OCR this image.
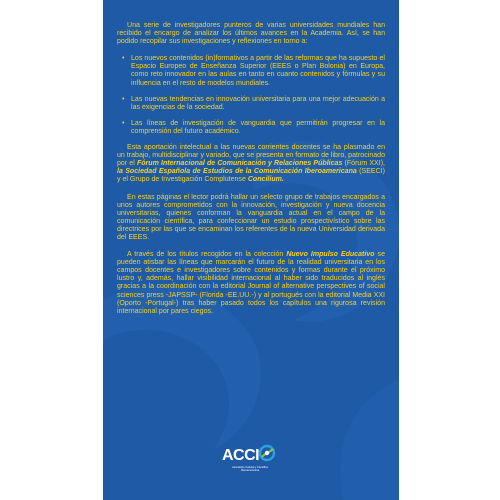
Una serie de investigadores punteros de varias universidades mundiales han recibido el encargo de analizar los últimos avances en la Academia. Así, se han podido recopilar sus investigaciones y reflexiones en torno a:

• Los nuevos contenidos (in)formativos a partir de las reformas que ha supuesto el Espacio Europeo de Enseñanza Superior (EEES o Plan Bolonia) en Europa, como reto innovador en las aulas en tanto en cuanto contenidos y fórmulas y su influencia en el resto de modelos mundiales.
• Las nuevas tendencias en innovación universitaria para una mejor adecuación a las exigencias de la sociedad.
• Las líneas de investigación de vanguardia que permitirán progresar en la comprensión del futuro académico.

Esta aportación intelectual a las nuevas corrientes docentes se ha plasmado en un trabajo, multidisciplinar y variado, que se presenta en formato de libro, patrocinado por el Fórum Internacional de Comunicación y Relaciones Públicas (Fórum XXI), la Sociedad Española de Estudios de la Comunicación Iberoamericana (SEECI) y el Grupo de Investigación Complutense Concilium.

En estas páginas el lector podrá hallar un selecto grupo de trabajos encargados a unos autores comprometidos con la innovación, investigación y nueva docencia universitarias, quienes conforman la vanguardia actual en el campo de la comunicación científica, para confeccionar un estudio prospectivístico sobre las directrices por las que se encaminan los referentes de la nueva Universidad derivada del EEES.

A través de los títulos recogidos en la colección Nuevo Impulso Educativo se pueden atisbar las líneas que marcarán el futuro de la realidad universitaria en los campos docentes e investigadores sobre contenidos y formas durante el próximo lustro y, además, hallar visibilidad internacional al haber sido traducidos al inglés gracias a la coordinación con la editorial Journal of alternative perspectives of social sciences press -JAPSSP- (Florida -EE.UU.-) y al portugués con la editorial Media XXI (Oporto -Portugal-) tras haber pasado todos los capítulos una rigurosa revisión internacional por pares ciegos.

ACCI
Asociación Cultural y Científica Iberoamericana
